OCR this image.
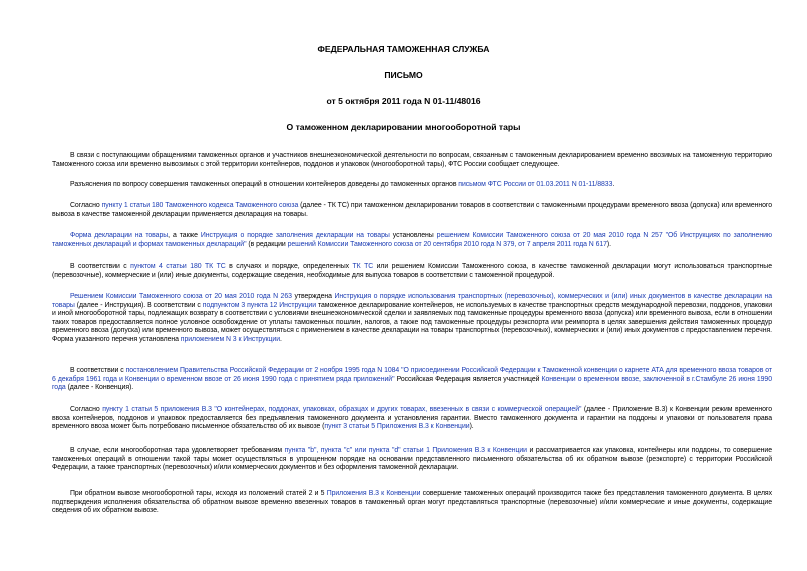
ФЕДЕРАЛЬНАЯ ТАМОЖЕННАЯ СЛУЖБА
ПИСЬМО
от 5 октября 2011 года N 01-11/48016
О таможенном декларировании многооборотной тары

В связи с поступающими обращениями таможенных органов и участников внешнеэкономической деятельности по вопросам, связанным с таможенным декларированием временно ввозимых на таможенную территорию Таможенного союза или временно вывозимых с этой территории контейнеров, поддонов и упаковок (многооборотной тары), ФТС России сообщает следующее.

Разъяснения по вопросу совершения таможенных операций в отношении контейнеров доведены до таможенных органов письмом ФТС России от 01.03.2011 N 01-11/8833.

Согласно пункту 1 статьи 180 Таможенного кодекса Таможенного союза (далее - ТК ТС) при таможенном декларировании товаров в соответствии с таможенными процедурами временного ввоза (допуска) или временного вывоза в качестве таможенной декларации применяется декларация на товары.

Форма декларации на товары, а также Инструкция о порядке заполнения декларации на товары установлены решением Комиссии Таможенного союза от 20 мая 2010 года N 257 "Об Инструкциях по заполнению таможенных деклараций и формах таможенных деклараций" (в редакции решений Комиссии Таможенного союза от 20 сентября 2010 года N 379, от 7 апреля 2011 года N 617).

В соответствии с пунктом 4 статьи 180 ТК ТС в случаях и порядке, определенных ТК ТС или решением Комиссии Таможенного союза, в качестве таможенной декларации могут использоваться транспортные (перевозочные), коммерческие и (или) иные документы, содержащие сведения, необходимые для выпуска товаров в соответствии с таможенной процедурой.

Решением Комиссии Таможенного союза от 20 мая 2010 года N 263 утверждена Инструкция о порядке использования транспортных (перевозочных), коммерческих и (или) иных документов в качестве декларации на товары (далее - Инструкция). В соответствии с подпунктом 3 пункта 12 Инструкции таможенное декларирование контейнеров, не используемых в качестве транспортных средств международной перевозки, поддонов, упаковки и иной многооборотной тары, подлежащих возврату в соответствии с условиями внешнеэкономической сделки и заявляемых под таможенные процедуры временного ввоза (допуска) или временного вывоза, если в отношении таких товаров предоставляется полное условное освобождение от уплаты таможенных пошлин, налогов, а также под таможенные процедуры реэкспорта или реимпорта в целях завершения действия таможенных процедур временного ввоза (допуска) или временного вывоза, может осуществляться с применением в качестве декларации на товары транспортных (перевозочных), коммерческих и (или) иных документов с предоставлением перечня. Форма указанного перечня установлена приложением N 3 к Инструкции.

В соответствии с постановлением Правительства Российской Федерации от 2 ноября 1995 года N 1084 "О присоединении Российской Федерации к Таможенной конвенции о карнете АТА для временного ввоза товаров от 6 декабря 1961 года и Конвенции о временном ввозе от 26 июня 1990 года с принятием ряда приложений" Российская Федерация является участницей Конвенции о временном ввозе, заключенной в г.Стамбуле 26 июня 1990 года (далее - Конвенция).

Согласно пункту 1 статьи 5 приложения B.3 "О контейнерах, поддонах, упаковках, образцах и других товарах, ввезенных в связи с коммерческой операцией" (далее - Приложение B.3) к Конвенции режим временного ввоза контейнеров, поддонов и упаковок предоставляется без предъявления таможенного документа и установления гарантии. Вместо таможенного документа и гарантии на поддоны и упаковки от пользователя права временного ввоза может быть потребовано письменное обязательство об их вывозе (пункт 3 статьи 5 Приложения B.3 к Конвенции).

В случае, если многооборотная тара удовлетворяет требованиям пункта "b", пункта "c" или пункта "d" статьи 1 Приложения B.3 к Конвенции и рассматривается как упаковка, контейнеры или поддоны, то совершение таможенных операций в отношении такой тары может осуществляться в упрощенном порядке на основании представленного письменного обязательства об их обратном вывозе (реэкспорте) с территории Российской Федерации, а также транспортных (перевозочных) и/или коммерческих документов и без оформления таможенной декларации.

При обратном вывозе многооборотной тары, исходя из положений статей 2 и 5 Приложения B.3 к Конвенции совершение таможенных операций производится также без представления таможенного документа. В целях подтверждения исполнения обязательства об обратном вывозе временно ввезенных товаров в таможенный орган могут представляться транспортные (перевозочные) и/или коммерческие и иные документы, содержащие сведения об их обратном вывозе.
